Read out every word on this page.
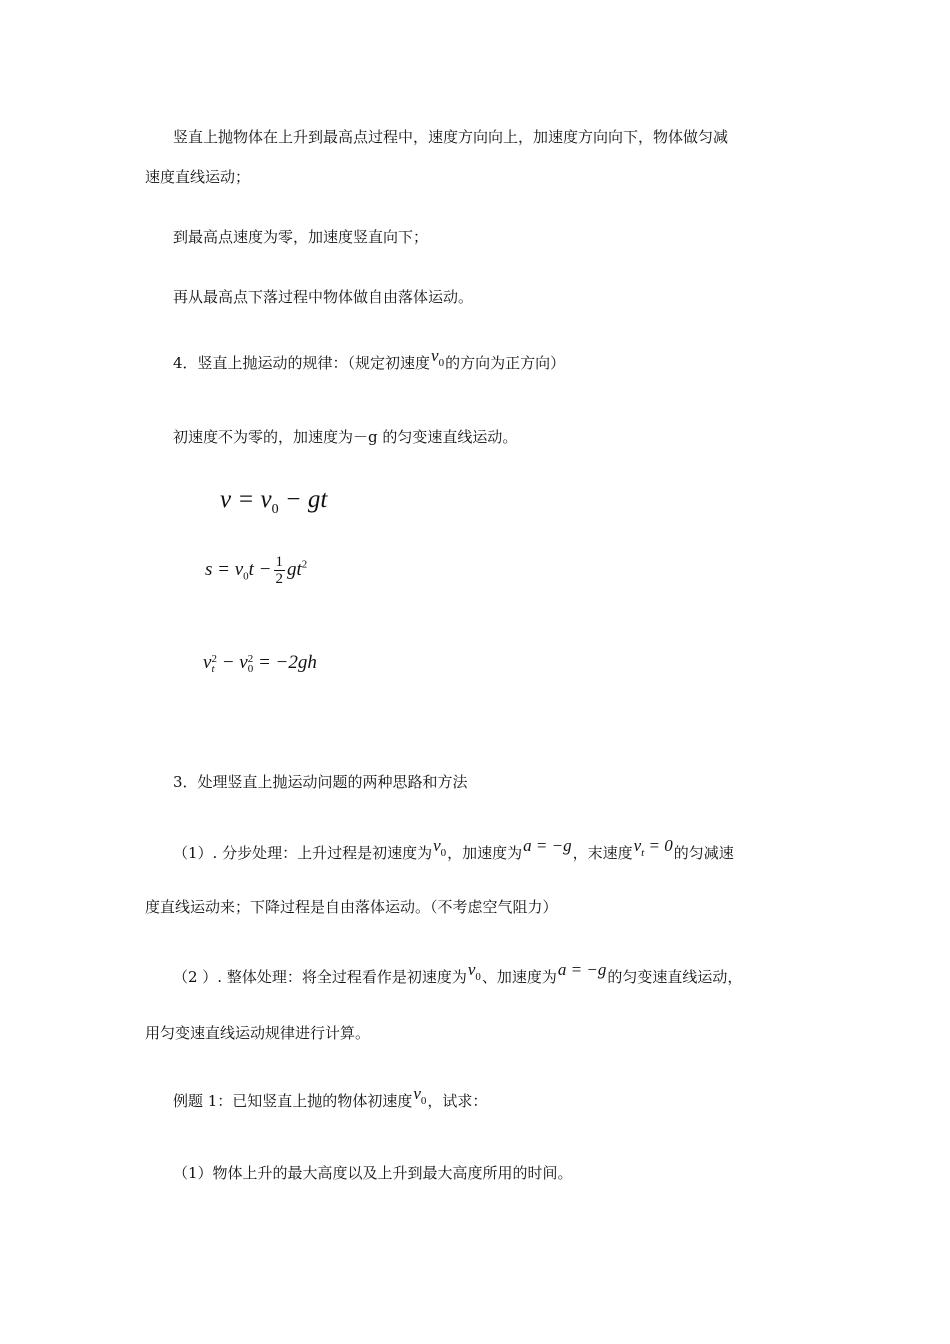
竖直上抛物体在上升到最高点过程中，速度方向向上，加速度方向向下，物体做匀减
速度直线运动；
到最高点速度为零，加速度竖直向下；
再从最高点下落过程中物体做自由落体运动。
4．竖直上抛运动的规律：（规定初速度$v_0$的方向为正方向）
初速度不为零的，加速度为－g 的匀变速直线运动。
$v = v_0$ − gt
$s = v_0t - \frac{1}{2} gt^2$
v 2
t − v 2
0 = −2gh
3．处理竖直上抛运动问题的两种思路和方法
（1）. 分步处理：上升过程是初速度为$v_0$，加速度为a = −g，末速度$v_t = 0$的匀减速
度直线运动来；下降过程是自由落体运动。（不考虑空气阻力）
（2 ）. 整体处理：将全过程看作是初速度为$v_0$、加速度为a = −g的匀变速直线运动，
用匀变速直线运动规律进行计算。
例题 1：已知竖直上抛的物体初速度$v_0$，试求：
（1）物体上升的最大高度以及上升到最大高度所用的时间。
